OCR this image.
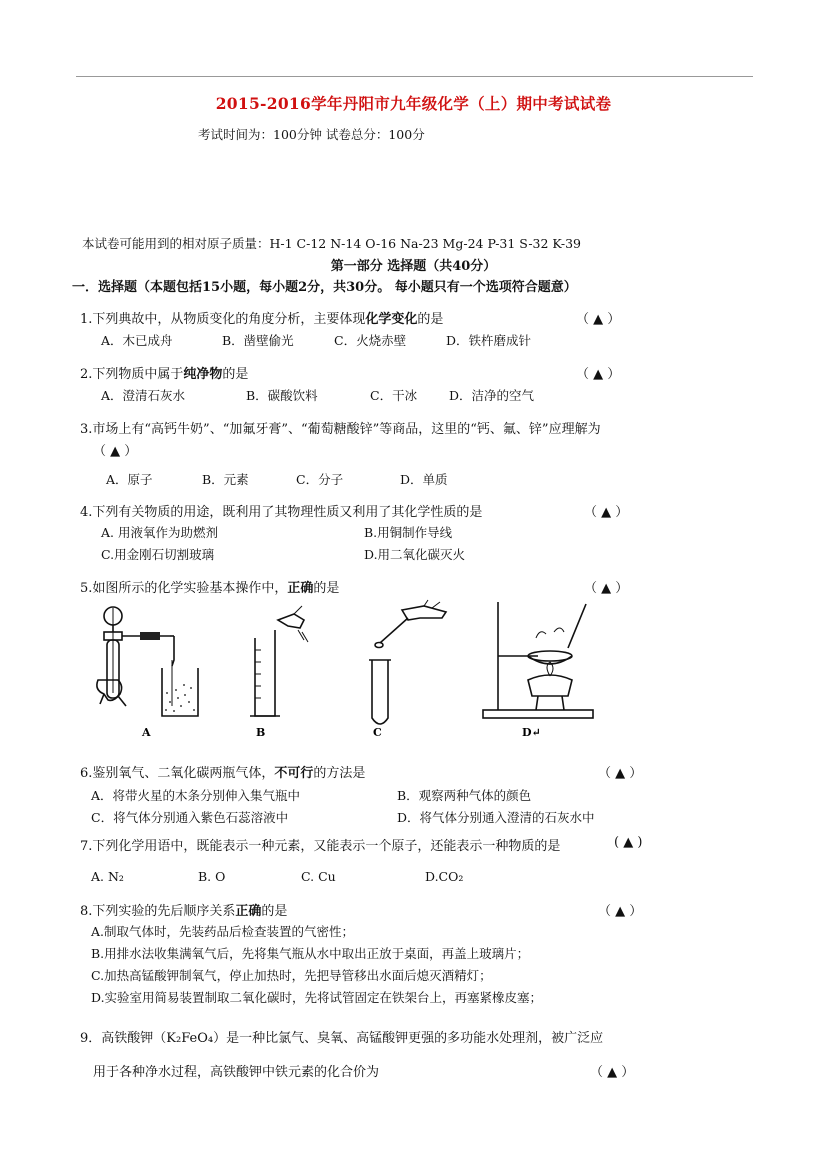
2015-2016学年丹阳市九年级化学（上）期中考试试卷
考试时间为：100分钟 试卷总分：100分
本试卷可能用到的相对原子质量：H-1 C-12 N-14 O-16 Na-23 Mg-24 P-31 S-32 K-39
第一部分 选择题（共40分）
一．选择题（本题包括15小题，每小题2分，共30分。 每小题只有一个选项符合题意）
1.下列典故中，从物质变化的角度分析，主要体现化学变化的是	（ ▲ ）
A．木已成舟	B．凿壁偷光	C．火烧赤壁	D．铁杵磨成针
2.下列物质中属于纯净物的是	（ ▲ ）
A．澄清石灰水	B．碳酸饮料	C．干冰	D．洁净的空气
3.市场上有“高钙牛奶”、“加氟牙膏”、“葡萄糖酸锌”等商品，这里的“钙、氟、锌”应理解为
（ ▲ ）
A．原子	B．元素	C．分子	D．单质
4.下列有关物质的用途，既利用了其物理性质又利用了其化学性质的是	（ ▲ ）
A. 用液氧作为助燃剂	B.用铜制作导线
C.用金刚石切割玻璃	D.用二氧化碳灭火
5.如图所示的化学实验基本操作中，正确的是	（ ▲ ）
A	B	C	D↵
6.鉴别氧气、二氧化碳两瓶气体，不可行的方法是	（ ▲ ）
A．将带火星的木条分别伸入集气瓶中	B．观察两种气体的颜色
C．将气体分别通入紫色石蕊溶液中	D．将气体分别通入澄清的石灰水中
7.下列化学用语中，既能表示一种元素，又能表示一个原子，还能表示一种物质的是	( ▲ )
A. N₂	B. O	C. Cu	D.CO₂
8.下列实验的先后顺序关系正确的是	（ ▲ ）
A.制取气体时，先装药品后检查装置的气密性；
B.用排水法收集满氧气后，先将集气瓶从水中取出正放于桌面，再盖上玻璃片；
C.加热高锰酸钾制氧气，停止加热时，先把导管移出水面后熄灭酒精灯；
D.实验室用简易装置制取二氧化碳时，先将试管固定在铁架台上，再塞紧橡皮塞；
9．高铁酸钾（K₂FeO₄）是一种比氯气、臭氧、高锰酸钾更强的多功能水处理剂，被广泛应
用于各种净水过程，高铁酸钾中铁元素的化合价为	（ ▲ ）
